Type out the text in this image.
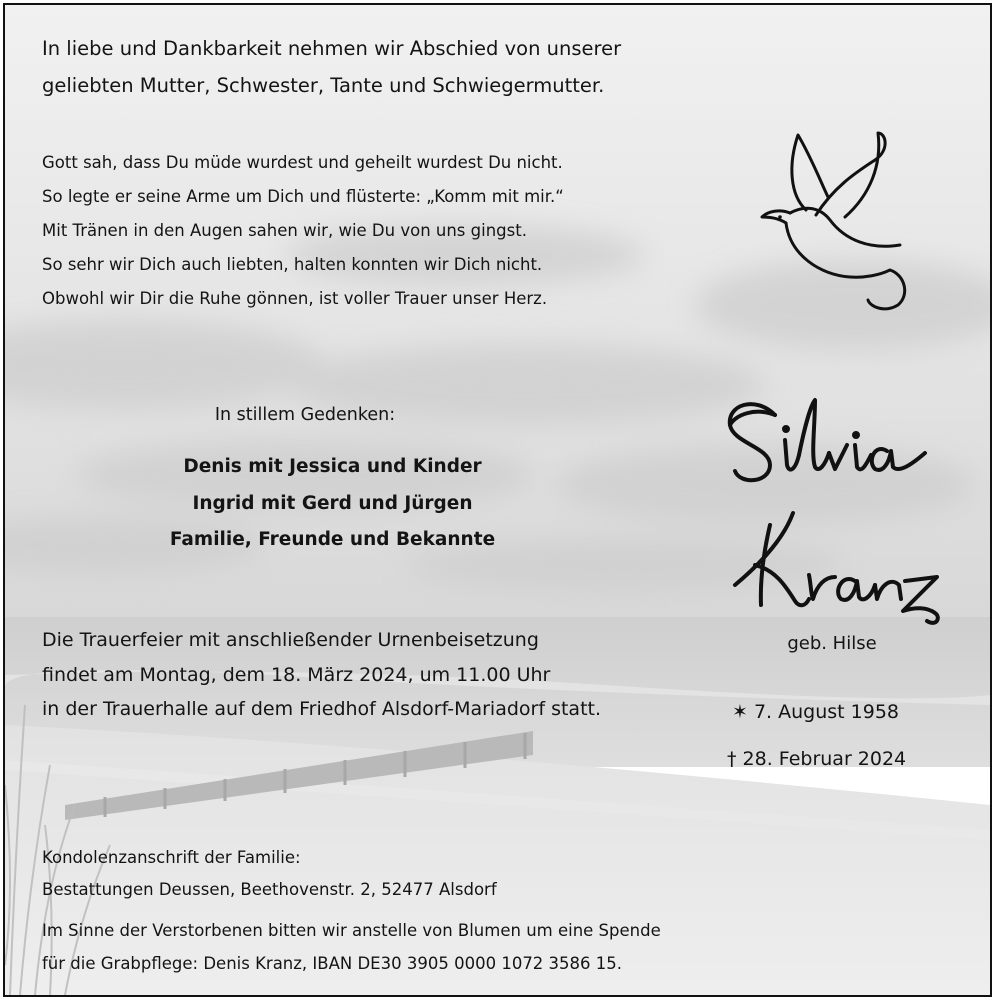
In liebe und Dankbarkeit nehmen wir Abschied von unserer
geliebten Mutter, Schwester, Tante und Schwiegermutter.
Gott sah, dass Du müde wurdest und geheilt wurdest Du nicht.
So legte er seine Arme um Dich und flüsterte: „Komm mit mir.“
Mit Tränen in den Augen sahen wir, wie Du von uns gingst.
So sehr wir Dich auch liebten, halten konnten wir Dich nicht.
Obwohl wir Dir die Ruhe gönnen, ist voller Trauer unser Herz.
In stillem Gedenken:
Denis mit Jessica und Kinder
Ingrid mit Gerd und Jürgen
Familie, Freunde und Bekannte
Die Trauerfeier mit anschließender Urnenbeisetzung
findet am Montag, dem 18. März 2024, um 11.00 Uhr
in der Trauerhalle auf dem Friedhof Alsdorf-Mariadorf statt.
geb. Hilse
✶ 7. August 1958
† 28. Februar 2024
Kondolenzanschrift der Familie:
Bestattungen Deussen, Beethovenstr. 2, 52477 Alsdorf
Im Sinne der Verstorbenen bitten wir anstelle von Blumen um eine Spende
für die Grabpflege: Denis Kranz, IBAN DE30 3905 0000 1072 3586 15.
